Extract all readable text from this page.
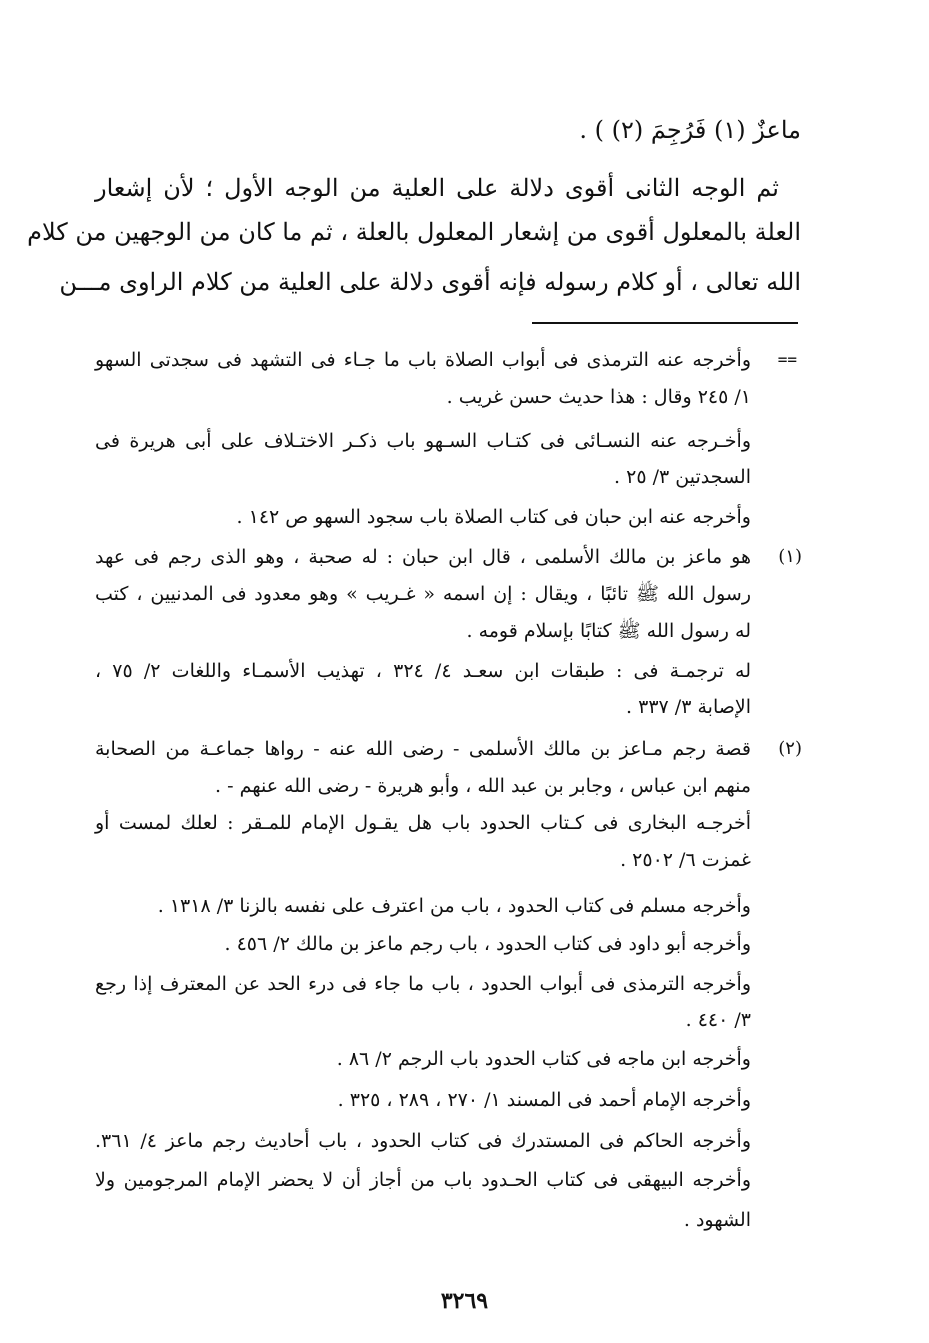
ماعزٌ (١) فَرُجِمَ (٢) ) .
ثم الوجه الثانى أقوى دلالة على العلية من الوجه الأول ؛ لأن إشعار
العلة بالمعلول أقوى من إشعار المعلول بالعلة ، ثم ما كان من الوجهين من كلام
الله تعالى ، أو كلام رسوله فإنه أقوى دلالة على العلية من كلام الراوى مـــن
==
وأخرجه عنه الترمذى فى أبواب الصلاة باب ما جـاء فى التشهد فى سجدتى السهو
١/ ٢٤٥ وقال : هذا حديث حسن غريب .
وأخـرجه عنه النسـائى فى كتـاب السـهو باب ذكـر الاختـلاف على أبى هريرة فى
السجدتين ٣/ ٢٥ .
وأخرجه عنه ابن حبان فى كتاب الصلاة باب سجود السهو ص ١٤٢ .
(١)
هو ماعز بن مالك الأسلمى ، قال ابن حبان : له صحبة ، وهو الذى رجم فى عهد
رسول الله ﷺ تائبًا ، ويقال : إن اسمه « غـريب » وهو معدود فى المدنيين ، كتب
له رسول الله ﷺ كتابًا بإسلام قومه .
له ترجمـة فى : طبقات ابن سعـد ٤/ ٣٢٤ ، تهذيب الأسمـاء واللغات ٢/ ٧٥ ،
الإصابة ٣/ ٣٣٧ .
(٢)
قصة رجم مـاعز بن مالك الأسلمى - رضى الله عنه - رواها جماعـة من الصحابة
منهم ابن عباس ، وجابر بن عبد الله ، وأبو هريرة - رضى الله عنهم - .
أخرجـه البخارى فى كـتاب الحدود باب هل يقـول الإمام للمـقر : لعلك لمست أو
غمزت ٦/ ٢٥٠٢ .
وأخرجه مسلم فى كتاب الحدود ، باب من اعترف على نفسه بالزنا ٣/ ١٣١٨ .
وأخرجه أبو داود فى كتاب الحدود ، باب رجم ماعز بن مالك ٢/ ٤٥٦ .
وأخرجه الترمذى فى أبواب الحدود ، باب ما جاء فى درء الحد عن المعترف إذا رجع
٣/ ٤٤٠ .
وأخرجه ابن ماجه فى كتاب الحدود باب الرجم ٢/ ٨٦ .
وأخرجه الإمام أحمد فى المسند ١/ ٢٧٠ ، ٢٨٩ ، ٣٢٥ .
وأخرجه الحاكم فى المستدرك فى كتاب الحدود ، باب أحاديث رجم ماعز ٤/ ٣٦١.
وأخرجه البيهقى فى كتاب الحـدود باب من أجاز أن لا يحضر الإمام المرجومين ولا
الشهود .
٣٢٦٩
